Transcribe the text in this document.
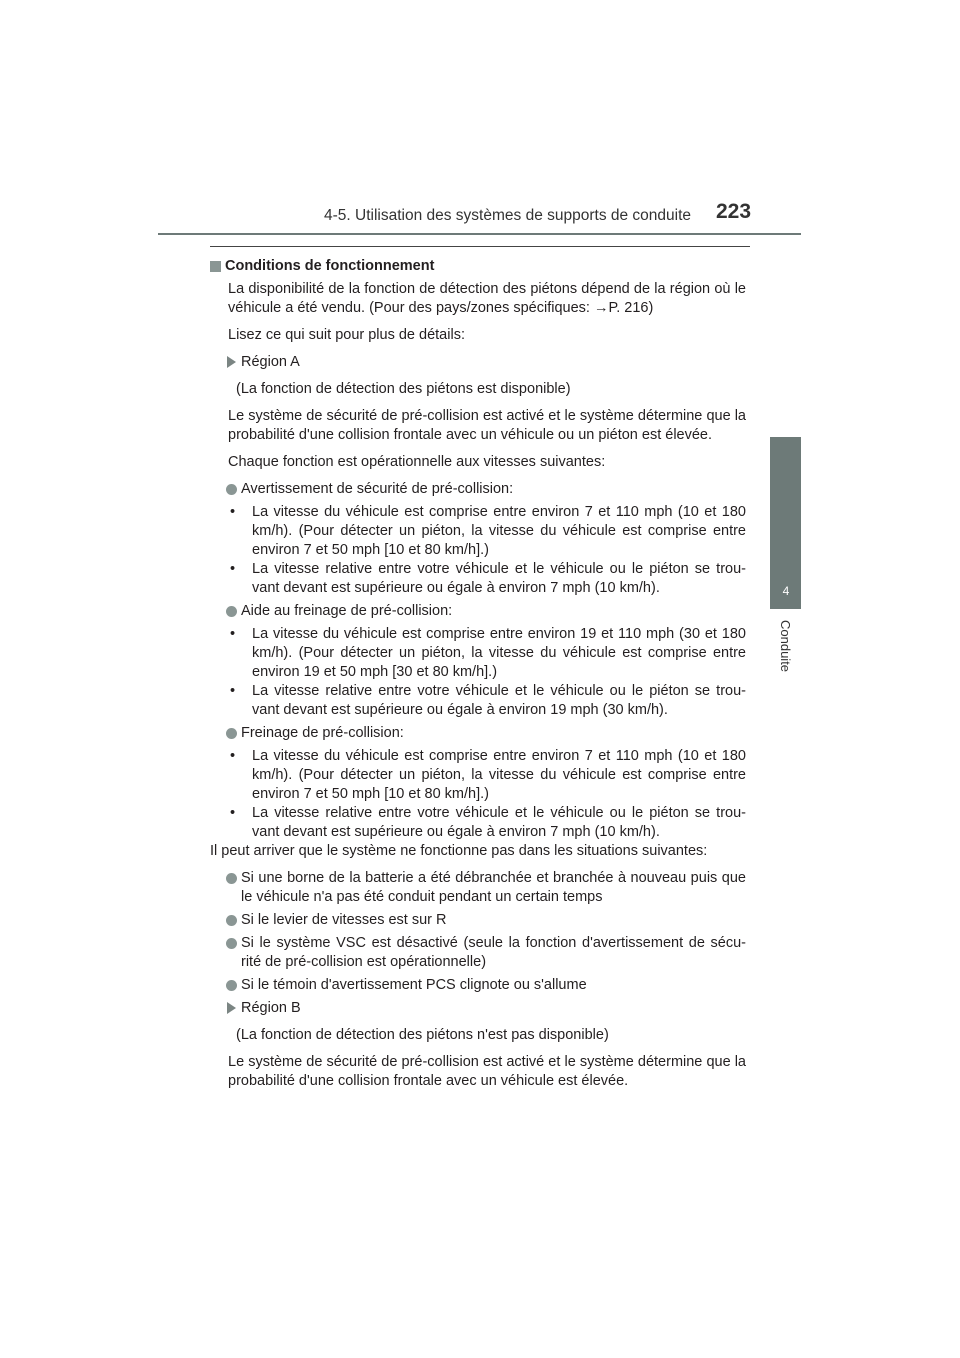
4-5. Utilisation des systèmes de supports de conduite 223
4
Conduite

Conditions de fonctionnement

La disponibilité de la fonction de détection des piétons dépend de la région où le véhicule a été vendu. (Pour des pays/zones spécifiques: →P. 216)

Lisez ce qui suit pour plus de détails:

Région A

(La fonction de détection des piétons est disponible)

Le système de sécurité de pré-collision est activé et le système détermine que la probabilité d'une collision frontale avec un véhicule ou un piéton est élevée.

Chaque fonction est opérationnelle aux vitesses suivantes:

Avertissement de sécurité de pré-collision:

• La vitesse du véhicule est comprise entre environ 7 et 110 mph (10 et 180 km/h). (Pour détecter un piéton, la vitesse du véhicule est comprise entre environ 7 et 50 mph [10 et 80 km/h].)

• La vitesse relative entre votre véhicule et le véhicule ou le piéton se trou-vant devant est supérieure ou égale à environ 7 mph (10 km/h).

Aide au freinage de pré-collision:

• La vitesse du véhicule est comprise entre environ 19 et 110 mph (30 et 180 km/h). (Pour détecter un piéton, la vitesse du véhicule est comprise entre environ 19 et 50 mph [30 et 80 km/h].)

• La vitesse relative entre votre véhicule et le véhicule ou le piéton se trou-vant devant est supérieure ou égale à environ 19 mph (30 km/h).

Freinage de pré-collision:

• La vitesse du véhicule est comprise entre environ 7 et 110 mph (10 et 180 km/h). (Pour détecter un piéton, la vitesse du véhicule est comprise entre environ 7 et 50 mph [10 et 80 km/h].)

• La vitesse relative entre votre véhicule et le véhicule ou le piéton se trou-vant devant est supérieure ou égale à environ 7 mph (10 km/h).

Il peut arriver que le système ne fonctionne pas dans les situations suivantes:

Si une borne de la batterie a été débranchée et branchée à nouveau puis que le véhicule n'a pas été conduit pendant un certain temps

Si le levier de vitesses est sur R

Si le système VSC est désactivé (seule la fonction d'avertissement de sécu-rité de pré-collision est opérationnelle)

Si le témoin d'avertissement PCS clignote ou s'allume

Région B

(La fonction de détection des piétons n'est pas disponible)

Le système de sécurité de pré-collision est activé et le système détermine que la probabilité d'une collision frontale avec un véhicule est élevée.
